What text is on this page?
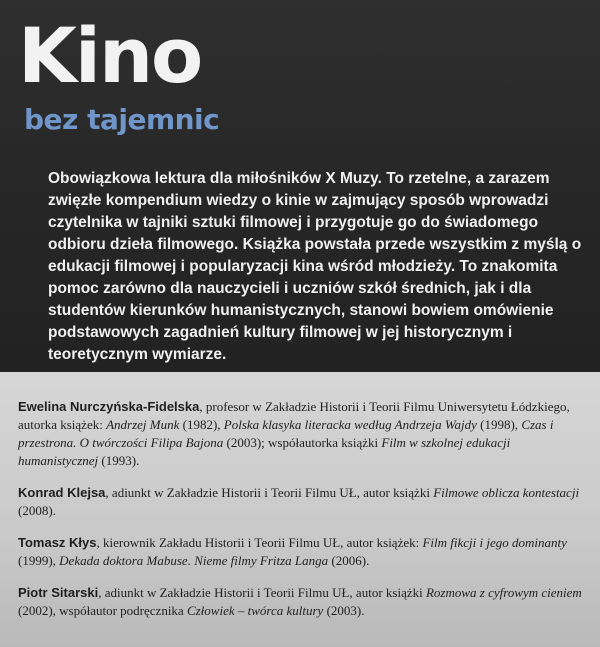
Kino
bez tajemnic

Obowiązkowa lektura dla miłośników X Muzy. To rzetelne, a zarazem zwięzłe kompendium wiedzy o kinie w zajmujący sposób wprowadzi czytelnika w tajniki sztuki filmowej i przygotuje go do świadomego odbioru dzieła filmowego. Książka powstała przede wszystkim z myślą o edukacji filmowej i popularyzacji kina wśród młodzieży. To znakomita pomoc zarówno dla nauczycieli i uczniów szkół średnich, jak i dla studentów kierunków humanistycznych, stanowi bowiem omówienie podstawowych zagadnień kultury filmowej w jej historycznym i teoretycznym wymiarze.

Ewelina Nurczyńska-Fidelska, profesor w Zakładzie Historii i Teorii Filmu Uniwersytetu Łódzkiego, autorka książek: Andrzej Munk (1982), Polska klasyka literacka według Andrzeja Wajdy (1998), Czas i przestrona. O twórczości Filipa Bajona (2003); współautorka książki Film w szkolnej edukacji humanistycznej (1993).

Konrad Klejsa, adiunkt w Zakładzie Historii i Teorii Filmu UŁ, autor książki Filmowe oblicza kontestacji (2008).

Tomasz Kłys, kierownik Zakładu Historii i Teorii Filmu UŁ, autor książek: Film fikcji i jego dominanty (1999), Dekada doktora Mabuse. Nieme filmy Fritza Langa (2006).

Piotr Sitarski, adiunkt w Zakładzie Historii i Teorii Filmu UŁ, autor książki Rozmowa z cyfrowym cieniem (2002), współautor podręcznika Człowiek – twórca kultury (2003).
